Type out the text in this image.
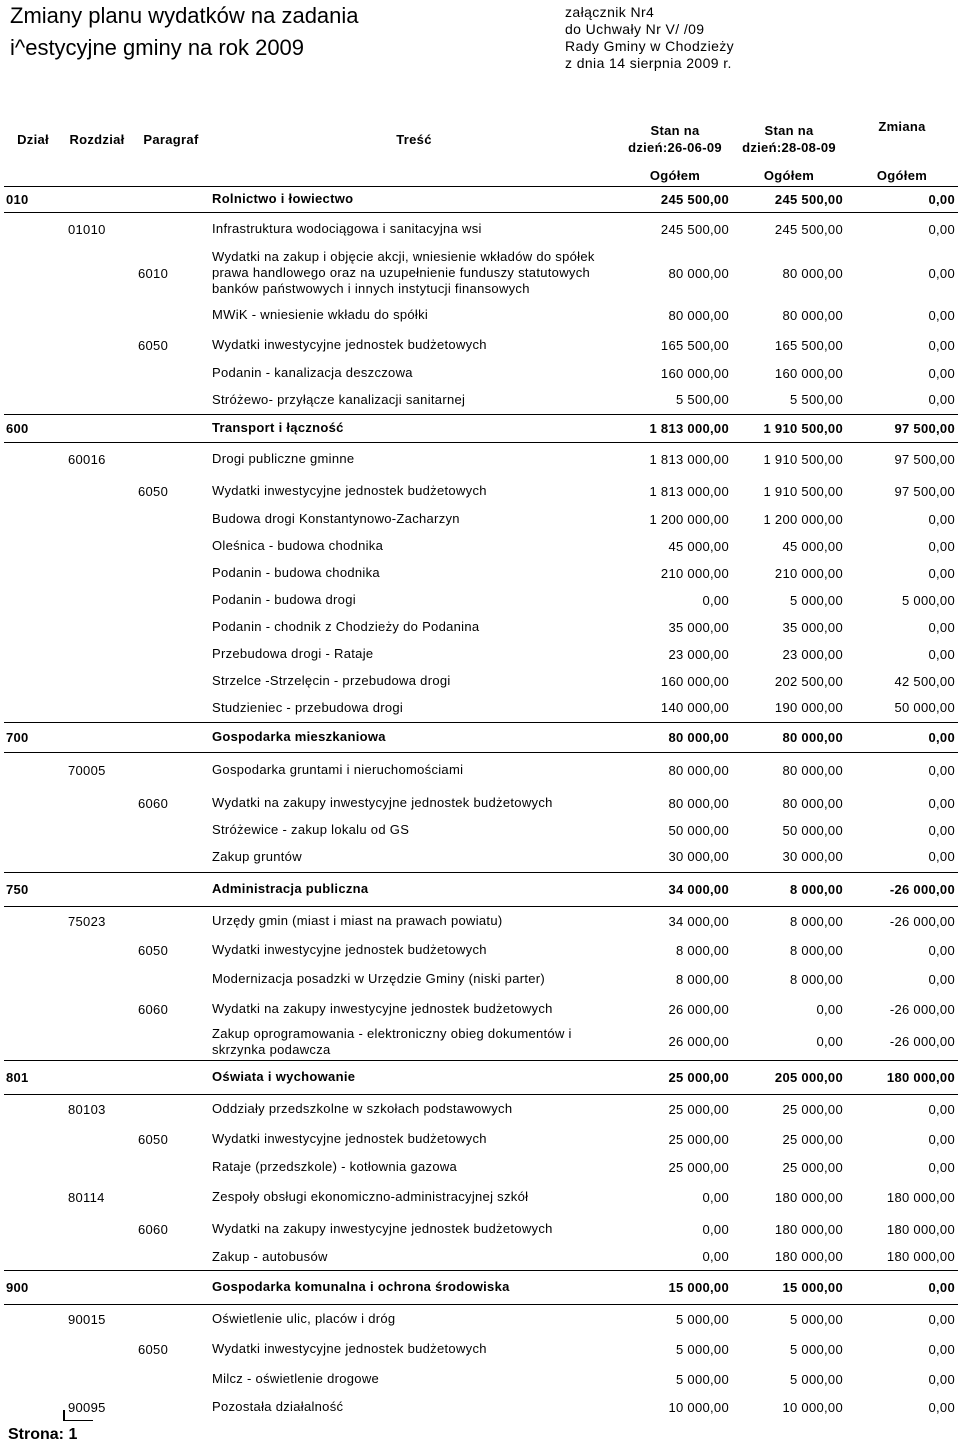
Zmiany planu wydatków na zadania
i^estycyjne gminy na rok 2009
załącznik Nr4
do Uchwały Nr V/ /09
Rady Gminy w Chodzieży
z dnia 14 sierpnia 2009 r.
Dział	Rozdział	Paragraf	Treść	Stan na dzień:26-06-09	Stan na dzień:28-08-09	Zmiana
				Ogółem	Ogółem	Ogółem
010			Rolnictwo i łowiectwo	245 500,00	245 500,00	0,00
	01010		Infrastruktura wodociągowa i sanitacyjna wsi	245 500,00	245 500,00	0,00
		6010	Wydatki na zakup i objęcie akcji, wniesienie wkładów do spółek prawa handlowego oraz na uzupełnienie funduszy statutowych banków państwowych i innych instytucji finansowych	80 000,00	80 000,00	0,00
			MWiK - wniesienie wkładu do spółki	80 000,00	80 000,00	0,00
		6050	Wydatki inwestycyjne jednostek budżetowych	165 500,00	165 500,00	0,00
			Podanin - kanalizacja deszczowa	160 000,00	160 000,00	0,00
			Stróżewo- przyłącze kanalizacji sanitarnej	5 500,00	5 500,00	0,00
600			Transport i łączność	1 813 000,00	1 910 500,00	97 500,00
	60016		Drogi publiczne gminne	1 813 000,00	1 910 500,00	97 500,00
		6050	Wydatki inwestycyjne jednostek budżetowych	1 813 000,00	1 910 500,00	97 500,00
			Budowa drogi Konstantynowo-Zacharzyn	1 200 000,00	1 200 000,00	0,00
			Oleśnica - budowa chodnika	45 000,00	45 000,00	0,00
			Podanin - budowa chodnika	210 000,00	210 000,00	0,00
			Podanin - budowa drogi	0,00	5 000,00	5 000,00
			Podanin - chodnik z Chodzieży do Podanina	35 000,00	35 000,00	0,00
			Przebudowa drogi - Rataje	23 000,00	23 000,00	0,00
			Strzelce -Strzelęcin - przebudowa drogi	160 000,00	202 500,00	42 500,00
			Studzieniec - przebudowa drogi	140 000,00	190 000,00	50 000,00
700			Gospodarka mieszkaniowa	80 000,00	80 000,00	0,00
	70005		Gospodarka gruntami i nieruchomościami	80 000,00	80 000,00	0,00
		6060	Wydatki na zakupy inwestycyjne jednostek budżetowych	80 000,00	80 000,00	0,00
			Stróżewice - zakup lokalu od GS	50 000,00	50 000,00	0,00
			Zakup gruntów	30 000,00	30 000,00	0,00
750			Administracja publiczna	34 000,00	8 000,00	-26 000,00
	75023		Urzędy gmin (miast i miast na prawach powiatu)	34 000,00	8 000,00	-26 000,00
		6050	Wydatki inwestycyjne jednostek budżetowych	8 000,00	8 000,00	0,00
			Modernizacja posadzki w Urzędzie Gminy (niski parter)	8 000,00	8 000,00	0,00
		6060	Wydatki na zakupy inwestycyjne jednostek budżetowych	26 000,00	0,00	-26 000,00
			Zakup oprogramowania - elektroniczny obieg dokumentów i skrzynka podawcza	26 000,00	0,00	-26 000,00
801			Oświata i wychowanie	25 000,00	205 000,00	180 000,00
	80103		Oddziały przedszkolne w szkołach podstawowych	25 000,00	25 000,00	0,00
		6050	Wydatki inwestycyjne jednostek budżetowych	25 000,00	25 000,00	0,00
			Rataje (przedszkole) - kotłownia gazowa	25 000,00	25 000,00	0,00
	80114		Zespoły obsługi ekonomiczno-administracyjnej szkół	0,00	180 000,00	180 000,00
		6060	Wydatki na zakupy inwestycyjne jednostek budżetowych	0,00	180 000,00	180 000,00
			Zakup - autobusów	0,00	180 000,00	180 000,00
900			Gospodarka komunalna i ochrona środowiska	15 000,00	15 000,00	0,00
	90015		Oświetlenie ulic, placów i dróg	5 000,00	5 000,00	0,00
		6050	Wydatki inwestycyjne jednostek budżetowych	5 000,00	5 000,00	0,00
			Milcz - oświetlenie drogowe	5 000,00	5 000,00	0,00
	90095		Pozostała działalność	10 000,00	10 000,00	0,00
Strona: 1
